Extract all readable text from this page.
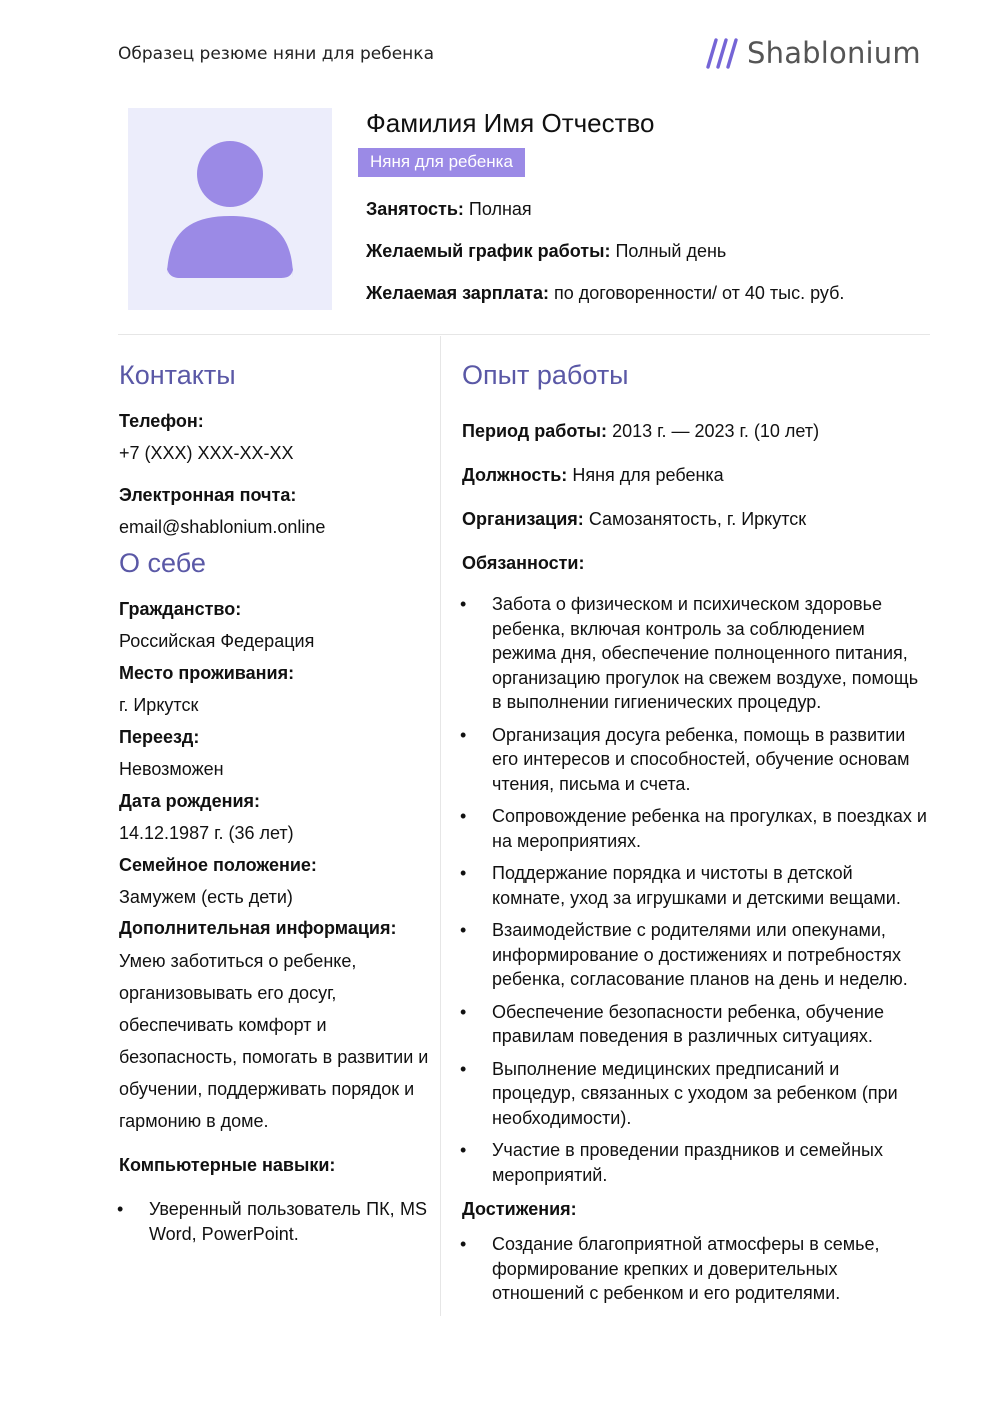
Образец резюме няни для ребенка	Shablonium
Фамилия Имя Отчество
Няня для ребенка
Занятость: Полная
Желаемый график работы: Полный день
Желаемая зарплата: по договоренности/ от 40 тыс. руб.
Контакты
Телефон:
+7 (ХХХ) ХХХ-ХХ-ХХ
Электронная почта:
email@shablonium.online
О себе
Гражданство:
Российская Федерация
Место проживания:
г. Иркутск
Переезд:
Невозможен
Дата рождения:
14.12.1987 г. (36 лет)
Семейное положение:
Замужем (есть дети)
Дополнительная информация:
Умею заботиться о ребенке, организовывать его досуг, обеспечивать комфорт и безопасность, помогать в развитии и обучении, поддерживать порядок и гармонию в доме.
Компьютерные навыки:
• Уверенный пользователь ПК, MS Word, PowerPoint.
Опыт работы
Период работы: 2013 г. — 2023 г. (10 лет)
Должность: Няня для ребенка
Организация: Самозанятость, г. Иркутск
Обязанности:
• Забота о физическом и психическом здоровье ребенка, включая контроль за соблюдением режима дня, обеспечение полноценного питания, организацию прогулок на свежем воздухе, помощь в выполнении гигиенических процедур.
• Организация досуга ребенка, помощь в развитии его интересов и способностей, обучение основам чтения, письма и счета.
• Сопровождение ребенка на прогулках, в поездках и на мероприятиях.
• Поддержание порядка и чистоты в детской комнате, уход за игрушками и детскими вещами.
• Взаимодействие с родителями или опекунами, информирование о достижениях и потребностях ребенка, согласование планов на день и неделю.
• Обеспечение безопасности ребенка, обучение правилам поведения в различных ситуациях.
• Выполнение медицинских предписаний и процедур, связанных с уходом за ребенком (при необходимости).
• Участие в проведении праздников и семейных мероприятий.
Достижения:
• Создание благоприятной атмосферы в семье, формирование крепких и доверительных отношений с ребенком и его родителями.
